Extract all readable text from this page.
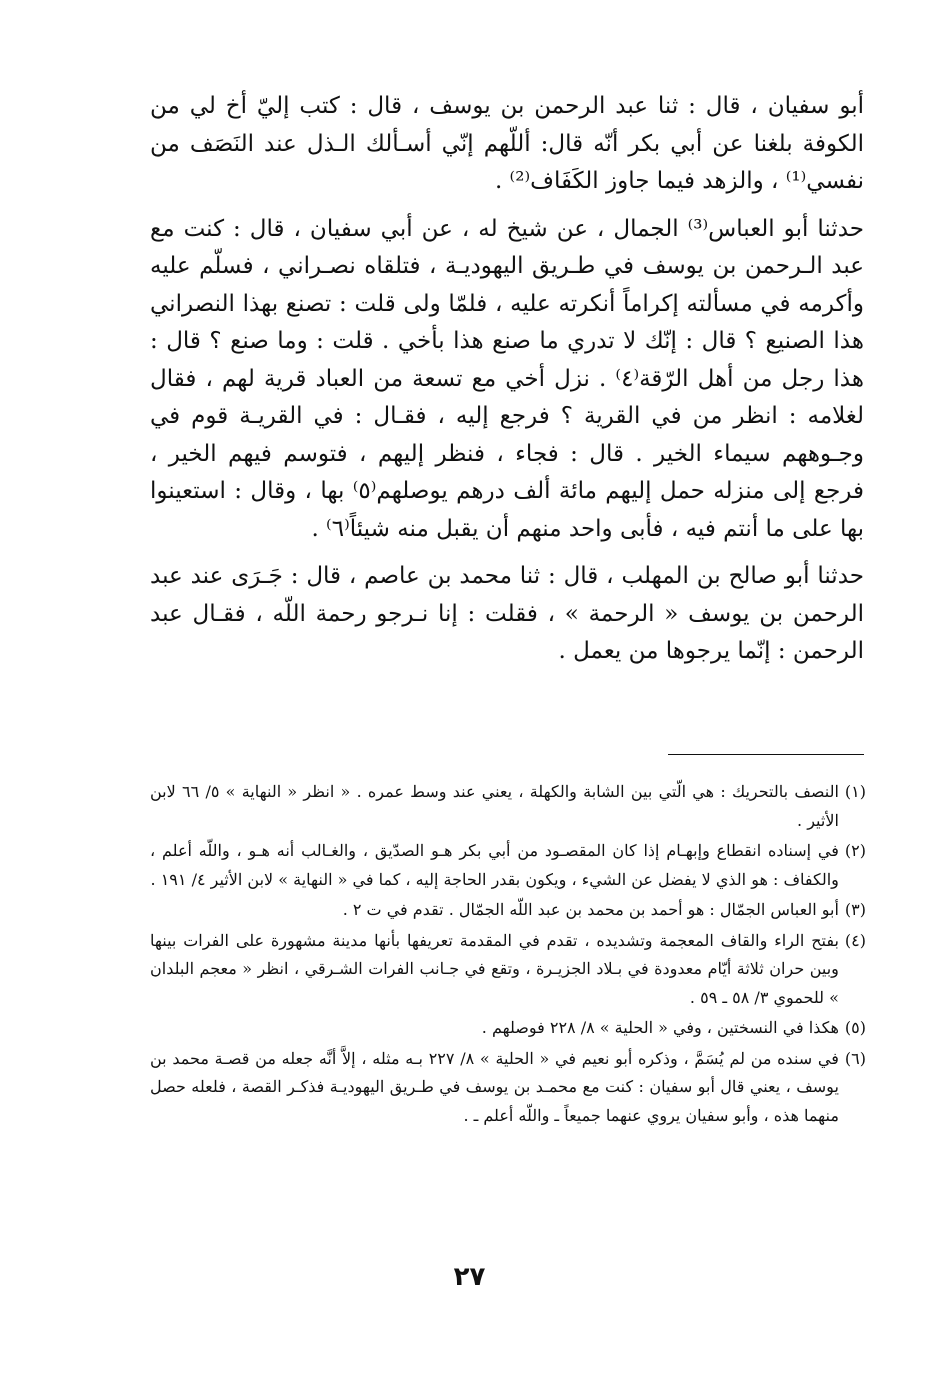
أبو سفيان ، قال : ثنا عبد الرحمن بن يوسف ، قال : كتب إليّ أخ لي من الكوفة بلغنا عن أبي بكر أنّه قال: أللّهم إنّي أسـألك الـذل عند النَصَف من نفسي⁽¹⁾ ، والزهد فيما جاوز الكَفَاف⁽²⁾ .

حدثنا أبو العباس⁽³⁾ الجمال ، عن شيخ له ، عن أبي سفيان ، قال : كنت مع عبد الـرحمن بن يوسف في طـريق اليهوديـة ، فتلقاه نصـراني ، فسلّم عليه وأكرمه في مسألته إكراماً أنكرته عليه ، فلمّا ولى قلت : تصنع بهذا النصراني هذا الصنيع ؟ قال : إنّك لا تدري ما صنع هذا بأخي . قلت : وما صنع ؟ قال : هذا رجل من أهل الرّقة⁽٤⁾ . نزل أخي مع تسعة من العباد قرية لهم ، فقال لغلامه : انظر من في القرية ؟ فرجع إليه ، فقـال : في القريـة قوم في وجـوههم سيماء الخير . قال : فجاء ، فنظر إليهم ، فتوسم فيهم الخير ، فرجع إلى منزله حمل إليهم مائة ألف درهم يوصلهم⁽٥⁾ بها ، وقال : استعينوا بها على ما أنتم فيه ، فأبى واحد منهم أن يقبل منه شيئاً⁽٦⁾ .

حدثنا أبو صالح بن المهلب ، قال : ثنا محمد بن عاصم ، قال : جَـرَى عند عبد الرحمن بن يوسف « الرحمة » ، فقلت : إنا نـرجو رحمة اللّه ، فقـال عبد الرحمن : إنّما يرجوها من يعمل .

(١)
النصف بالتحريك : هي الّتي بين الشابة والكهلة ، يعني عند وسط عمره . « انظر « النهاية » ٥/ ٦٦ لابن الأثير .
(٢)
في إسناده انقطاع وإبهـام إذا كان المقصـود من أبي بكر هـو الصدّيق ، والغـالب أنه هـو ، واللّه أعلم ، والكفاف : هو الذي لا يفضل عن الشيء ، ويكون بقدر الحاجة إليه ، كما في « النهاية » لابن الأثير ٤/ ١٩١ .
(٣)
أبو العباس الجمّال : هو أحمد بن محمد بن عبد اللّه الجمّال . تقدم في ت ٢ .
(٤)
بفتح الراء والقاف المعجمة وتشديده ، تقدم في المقدمة تعريفها بأنها مدينة مشهورة على الفرات بينها وبين حران ثلاثة أيّام معدودة في بـلاد الجزيـرة ، وتقع في جـانب الفرات الشـرقي ، انظر « معجم البلدان » للحموي ٣/ ٥٨ ـ ٥٩ .
(٥)
هكذا في النسختين ، وفي « الحلية » ٨/ ٢٢٨ فوصلهم .
(٦)
في سنده من لم يُسَمَّ ، وذكره أبو نعيم في « الحلية » ٨/ ٢٢٧ بـه مثله ، إلاَّ أنَّه جعله من قصـة محمد بن يوسف ، يعني قال أبو سفيان : كنت مع محمـد بن يوسف في طـريق اليهوديـة فذكـر القصة ، فلعله حصل منهما هذه ، وأبو سفيان يروي عنهما جميعاً ـ واللّه أعلم ـ .
٢٧
